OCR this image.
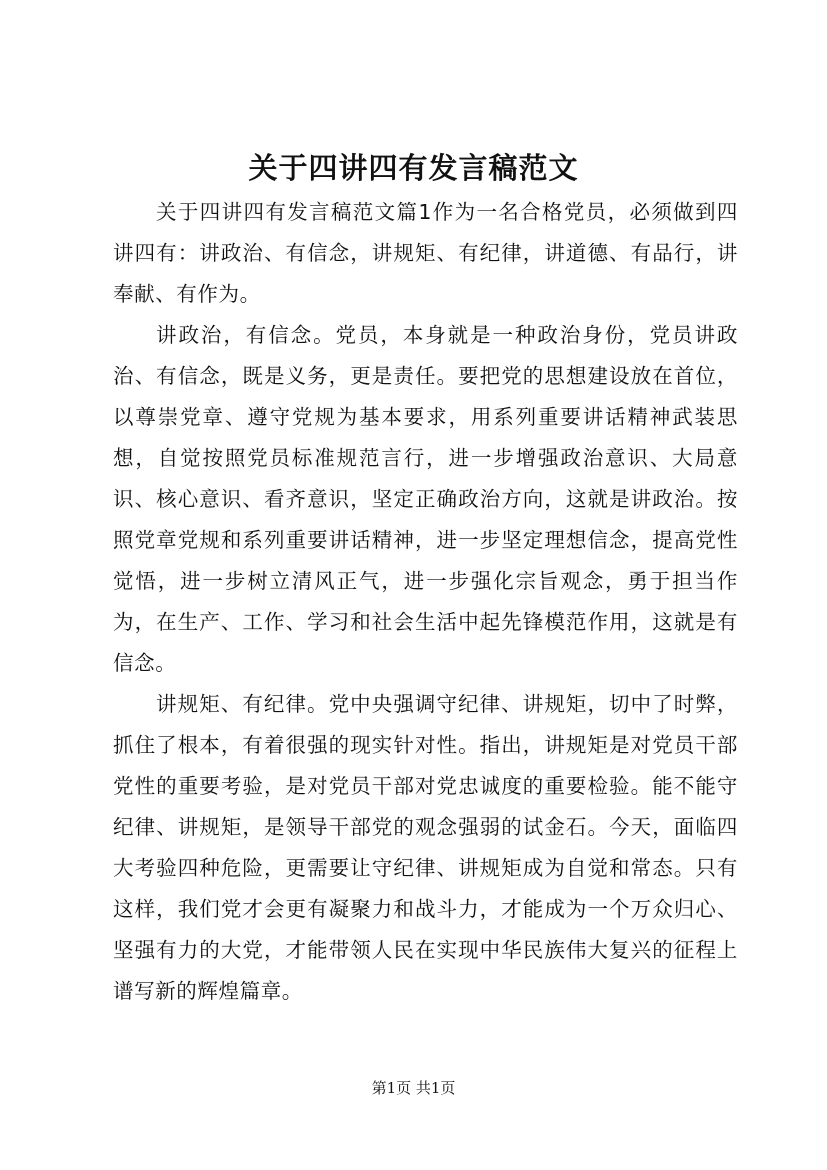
关于四讲四有发言稿范文

关于四讲四有发言稿范文篇1作为一名合格党员，必须做到四讲四有：讲政治、有信念，讲规矩、有纪律，讲道德、有品行，讲奉献、有作为。

讲政治，有信念。党员，本身就是一种政治身份，党员讲政治、有信念，既是义务，更是责任。要把党的思想建设放在首位，以尊崇党章、遵守党规为基本要求，用系列重要讲话精神武装思想，自觉按照党员标准规范言行，进一步增强政治意识、大局意识、核心意识、看齐意识，坚定正确政治方向，这就是讲政治。按照党章党规和系列重要讲话精神，进一步坚定理想信念，提高党性觉悟，进一步树立清风正气，进一步强化宗旨观念，勇于担当作为，在生产、工作、学习和社会生活中起先锋模范作用，这就是有信念。

讲规矩、有纪律。党中央强调守纪律、讲规矩，切中了时弊，抓住了根本，有着很强的现实针对性。指出，讲规矩是对党员干部党性的重要考验，是对党员干部对党忠诚度的重要检验。能不能守纪律、讲规矩，是领导干部党的观念强弱的试金石。今天，面临四大考验四种危险，更需要让守纪律、讲规矩成为自觉和常态。只有这样，我们党才会更有凝聚力和战斗力，才能成为一个万众归心、坚强有力的大党，才能带领人民在实现中华民族伟大复兴的征程上谱写新的辉煌篇章。

第1页 共1页
